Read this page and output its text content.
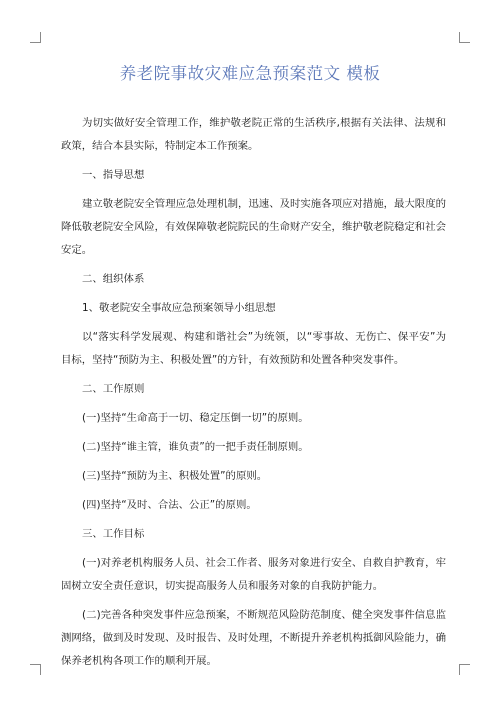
养老院事故灾难应急预案范文 模板

为切实做好安全管理工作，维护敬老院正常的生活秩序,根据有关法律、法规和政策，结合本县实际，特制定本工作预案。

一、指导思想

建立敬老院安全管理应急处理机制，迅速、及时实施各项应对措施，最大限度的降低敬老院安全风险，有效保障敬老院院民的生命财产安全，维护敬老院稳定和社会安定。

二、组织体系

1、敬老院安全事故应急预案领导小组思想

以“落实科学发展观、构建和谐社会”为统领，以“零事故、无伤亡、保平安”为目标，坚持“预防为主、积极处置”的方针，有效预防和处置各种突发事件。

二、工作原则

(一)坚持“生命高于一切、稳定压倒一切”的原则。

(二)坚持“谁主管，谁负责”的一把手责任制原则。

(三)坚持“预防为主、积极处置”的原则。

(四)坚持“及时、合法、公正”的原则。

三、工作目标

(一)对养老机构服务人员、社会工作者、服务对象进行安全、自救自护教育，牢固树立安全责任意识，切实提高服务人员和服务对象的自我防护能力。

(二)完善各种突发事件应急预案，不断规范风险防范制度、健全突发事件信息监测网络，做到及时发现、及时报告、及时处理，不断提升养老机构抵御风险能力，确保养老机构各项工作的顺利开展。
